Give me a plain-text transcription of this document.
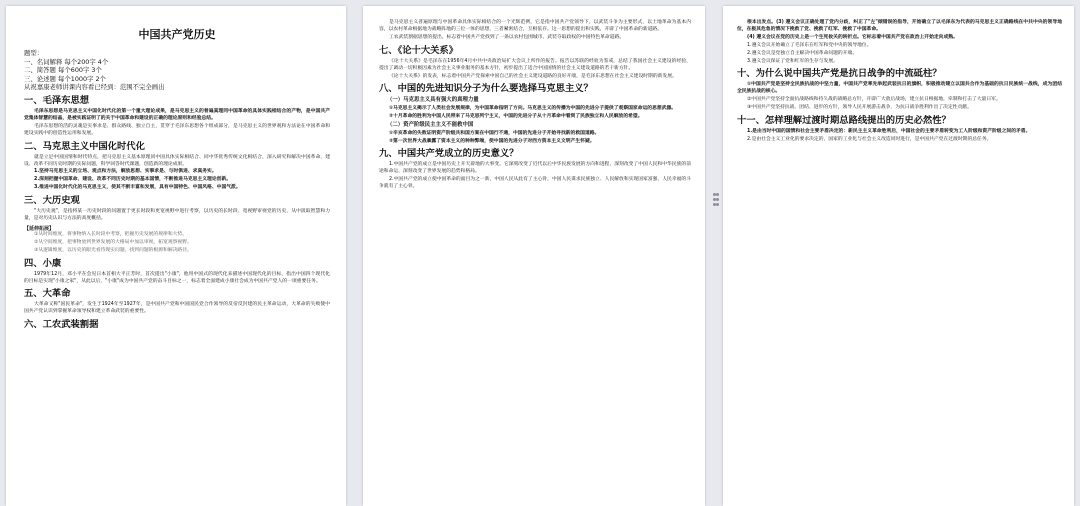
中国共产党历史
题型：
一、名词解释 每个200字 4个
二、简答题 每个600字 3个
三、论述题 每个1000字 2个
从祝嘉康老师讲课内容看已经到：范围不完全画出
一、毛泽东思想
毛泽东思想是马克思主义中国化时代化的第一个重大理论成果，是马克思主义的普遍真理同中国革命的具体实践相结合的产物，是中国共产党集体智慧的结晶，是被实践证明了的关于中国革命和建设的正确的理论原则和经验总结。
毛泽东思想的活的灵魂是实事求是、群众路线、独立自主，贯穿于毛泽东思想各个组成部分，是马克思主义的世界观和方法论在中国革命和建设实践中的创造性运用和发展。
二、马克思主义中国化时代化
就是立足中国国情和时代特点，把马克思主义基本原理同中国具体实际相结合、同中华优秀传统文化相结合，深入研究和解决中国革命、建设、改革不同历史时期的实际问题，科学回答时代课题，创造新的理论成果。
1.坚持马克思主义的立场、观点和方法，解放思想、实事求是、与时俱进、求真务实。
2.深刻把握中国革命、建设、改革不同历史时期的基本国情，不断推进马克思主义理论创新。
3.推进中国化时代化的马克思主义，使其不断丰富和发展，具有中国特色、中国风格、中国气派。
三、大历史观
"大历史观"，是指将某一历史时段的问题置于更长时段和更宽视野中进行考察，以历史的长时段、宽视野审视党的历史，从中汲取智慧和力量，是对历史认识与方法的高度概括。
【延伸拓展】
①从时间维度，将事物纳入长时段中考察，把握历史发展的规律和大势。
②从空间维度，把事物放到世界发展的大格局中加以审视，拓宽观察视野。
③从逻辑维度，以历史的眼光看待现实问题，找到问题的根源和解决路径。
四、小康
1979年12月，邓小平在会见日本首相大平正芳时，首次提出"小康"，他用中国式的现代化来描述中国现代化的目标，指出中国四个现代化的目标是实现"小康之家"，从此以后，"小康"成为中国共产党的奋斗目标之一，标志着全面建成小康社会成为中国共产党人的一项重要任务。
五、大革命
大革命又称"国民革命"，发生于1924年至1927年，是中国共产党和中国国民党合作领导的反帝反封建的民主革命运动，大革命的失败使中国共产党认识到掌握革命领导权和建立革命武装的重要性。
六、工农武装割据
是马克思主义普遍原理与中国革命具体实际相结合的一个光辉范例，它是指中国共产党领导下，以武装斗争为主要形式，以土地革命为基本内容，以农村革命根据地为战略阵地的三位一体的思想，三者紧密结合，互相依存。这一思想的提出和实践，开辟了中国革命的新道路。
工农武装割据思想的提出，标志着中国共产党找到了一条以农村包围城市、武装夺取政权的中国特色革命道路。
七、《论十大关系》
《论十大关系》是毛泽东在1956年4月中共中央政治局扩大会议上所作的报告。报告以苏联的经验为鉴戒，总结了我国社会主义建设的经验，提出了调动一切积极因素为社会主义事业服务的基本方针，初步提出了适合中国国情的社会主义建设道路的若干新方针。
《论十大关系》的发表，标志着中国共产党探索中国自己的社会主义建设道路的良好开端，是毛泽东思想在社会主义建设时期的新发展。
八、中国的先进知识分子为什么要选择马克思主义？
（一）马克思主义具有强大的真理力量
①马克思主义揭示了人类社会发展规律，为中国革命指明了方向。马克思主义的传播为中国的先进分子提供了观察国家命运的思想武器。
②十月革命的胜利为中国人民带来了马克思列宁主义，中国的先进分子从十月革命中看到了民族独立和人民解放的希望。
（二）资产阶级民主主义不能救中国
①辛亥革命的失败证明资产阶级共和国方案在中国行不通，中国的先进分子开始寻找新的救国道路。
②第一次世界大战暴露了资本主义的种种弊端，使中国的先进分子对西方资本主义文明产生怀疑。
九、中国共产党成立的历史意义？
1.中国共产党的成立是中国历史上开天辟地的大事变。它深刻改变了近代以后中华民族发展的方向和进程，深刻改变了中国人民和中华民族的前途和命运，深刻改变了世界发展的趋势和格局。
2.中国共产党的成立使中国革命的面目为之一新，中国人民从此有了主心骨，中国人民谋求民族独立、人民解放和实现国家富强、人民幸福的斗争就有了主心骨。
根本出发点。(3) 遵义会议正确处理了党内分歧，纠正了"左"倾错误的指导，开始确立了以毛泽东为代表的马克思主义正确路线在中共中央的领导地位，在极其危急的情况下挽救了党、挽救了红军、挽救了中国革命。
(4) 遵义会议在党的历史上是一个生死攸关的转折点。它标志着中国共产党在政治上开始走向成熟。
1.遵义会议开始确立了毛泽东在红军和党中央的领导地位。
2.遵义会议是党独立自主解决中国革命问题的开端。
3.遵义会议保证了党和红军的生存与发展。
十、为什么说中国共产党是抗日战争的中流砥柱？
①中国共产党是坚持全民族抗战的中坚力量，中国共产党率先举起武装抗日的旗帜，积极推动建立以国共合作为基础的抗日民族统一战线，成为团结全民族抗战的核心。
②中国共产党坚持全面抗战路线和持久战的战略总方针，开辟广大敌后战场，建立抗日根据地，牵制和打击了大量日军。
③中国共产党坚持抗战、团结、进步的方针，领导人民开展游击战争，为抗日战争胜利作出了决定性贡献。
十一、怎样理解过渡时期总路线提出的历史必然性？
1.是由当时中国的国情和社会主要矛盾决定的：新民主主义革命胜利后，中国社会的主要矛盾转变为工人阶级和资产阶级之间的矛盾。
2.是由社会主义工业化的要求决定的，国家的工业化与社会主义改造同时进行，是中国共产党在过渡时期的总任务。
